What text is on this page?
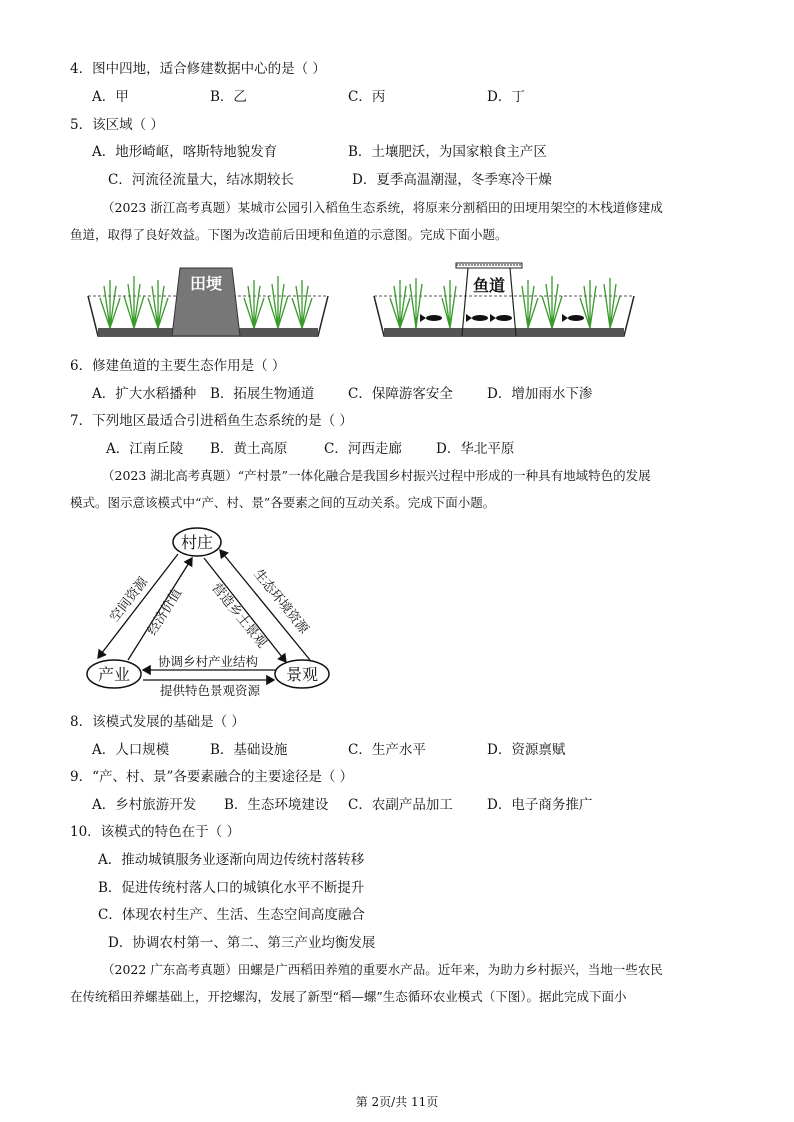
4．图中四地，适合修建数据中心的是（ ）
A．甲	B．乙	C．丙	D．丁
5．该区域（ ）
A．地形崎岖，喀斯特地貌发育	B．土壤肥沃，为国家粮食主产区
C．河流径流量大，结冰期较长	D．夏季高温潮湿，冬季寒冷干燥
（2023 浙江高考真题）某城市公园引入稻鱼生态系统，将原来分割稻田的田埂用架空的木栈道修建成
鱼道，取得了良好效益。下图为改造前后田埂和鱼道的示意图。完成下面小题。
田埂	鱼道
6．修建鱼道的主要生态作用是（ ）
A．扩大水稻播种 B．拓展生物通道 C．保障游客安全	D．增加雨水下渗
7．下列地区最适合引进稻鱼生态系统的是（ ）
A．江南丘陵 B．黄土高原	C．河西走廊	D．华北平原
（2023 湖北高考真题）“产村景”一体化融合是我国乡村振兴过程中形成的一种具有地域特色的发展
模式。图示意该模式中“产、村、景”各要素之间的互动关系。完成下面小题。
村庄
产业	景观
空间资源
经济价值	生态环境资源
营造乡土景观
协调乡村产业结构
提供特色景观资源
8．该模式发展的基础是（ ）
A．人口规模	B．基础设施	C．生产水平	D．资源禀赋
9．“产、村、景”各要素融合的主要途径是（ ）
A．乡村旅游开发 B．生态环境建设 C．农副产品加工	D．电子商务推广
10．该模式的特色在于（ ）
A．推动城镇服务业逐渐向周边传统村落转移
B．促进传统村落人口的城镇化水平不断提升
C．体现农村生产、生活、生态空间高度融合
D．协调农村第一、第二、第三产业均衡发展
（2022 广东高考真题）田螺是广西稻田养殖的重要水产品。近年来，为助力乡村振兴，当地一些农民
在传统稻田养螺基础上，开挖螺沟，发展了新型“稻—螺”生态循环农业模式（下图）。据此完成下面小
第 2页/共 11页
